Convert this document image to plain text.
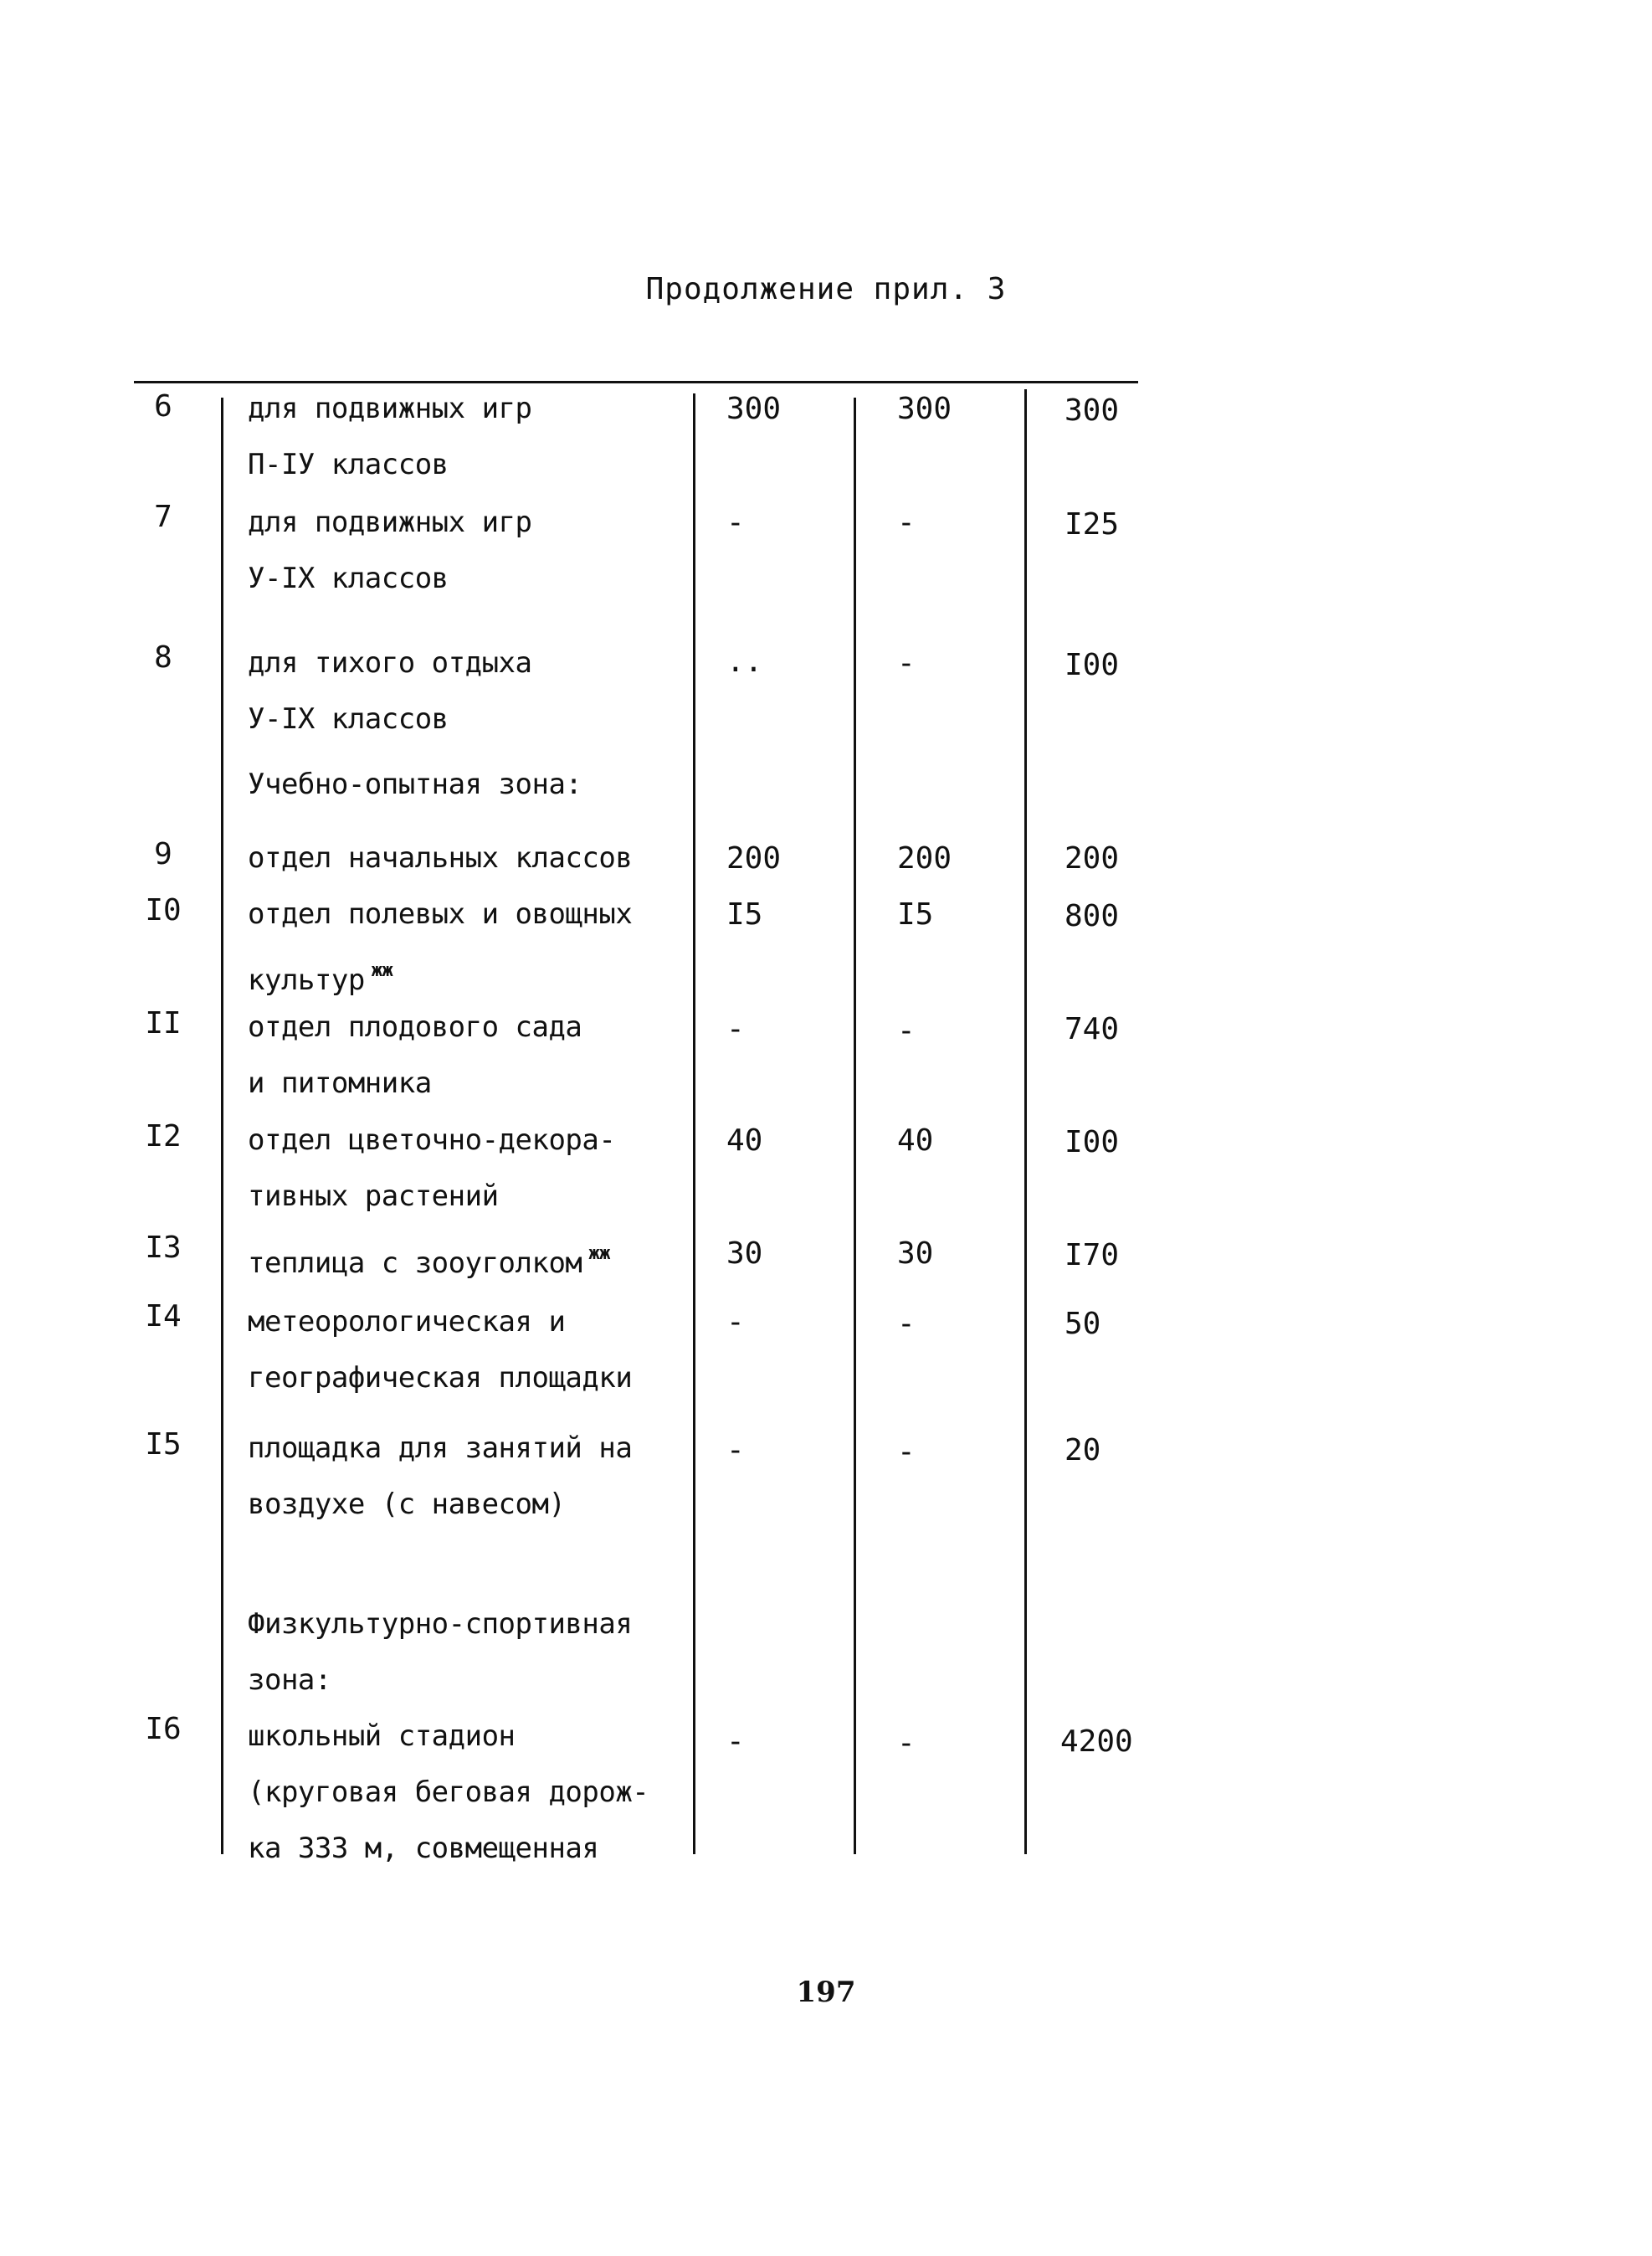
Продолжение прил. 3
6	для подвижных игр
П-IУ классов
300	300	300
7	для подвижных игр
У-IХ классов
-	-	I25
8	для тихого отдыха
У-IХ классов
..	-	I00
Учебно-опытная зона:
9	отдел начальных классов	200	200	200
I0	отдел полевых и овощных
культур $^{жж}$
I5	I5	800
II	отдел плодового сада
и питомника
-	-	740
I2	отдел цветочно-декора-
тивных растений
40	40	I00
I3	теплица с зооуголком $^{жж}$	30	30	I70
I4	метеорологическая и
географическая площадки
-	-	50
I5	площадка для занятий на
воздухе (с навесом)
-	-	20
Физкультурно-спортивная
зона:
I6	школьный стадион
(круговая беговая дорож-
ка 333 м, совмещенная
-	-	4200
197
